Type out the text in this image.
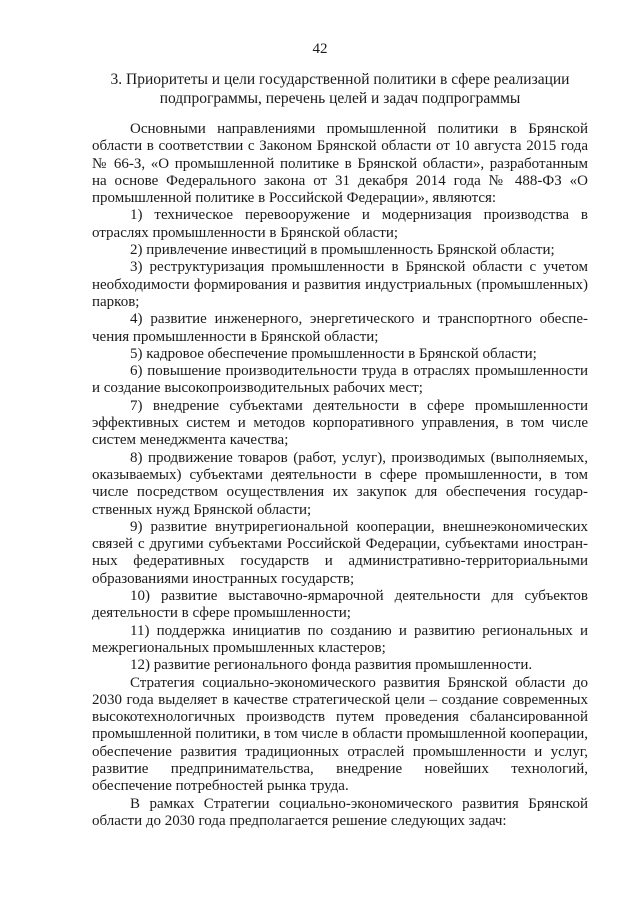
42
3. Приоритеты и цели государственной политики в сфере реализации
подпрограммы, перечень целей и задач подпрограммы

Основными направлениями промышленной политики в Брянской области в соответствии с Законом Брянской области от 10 августа 2015 года № 66-З, «О промышленной политике в Брянской области», разработанным на основе Федерального закона от 31 декабря 2014 года № 488-ФЗ «О промышленной политике в Российской Федерации», являются:

1) техническое перевооружение и модернизация производства в отраслях промышленности в Брянской области;

2) привлечение инвестиций в промышленность Брянской области;

3) реструктуризация промышленности в Брянской области с учетом необходимости формирования и развития индустриальных (промышленных) парков;

4) развитие инженерного, энергетического и транспортного обеспечения промышленности в Брянской области;

5) кадровое обеспечение промышленности в Брянской области;

6) повышение производительности труда в отраслях промышленности и создание высокопроизводительных рабочих мест;

7) внедрение субъектами деятельности в сфере промышленности эффективных систем и методов корпоративного управления, в том числе систем менеджмента качества;

8) продвижение товаров (работ, услуг), производимых (выполняемых, оказываемых) субъектами деятельности в сфере промышленности, в том числе посредством осуществления их закупок для обеспечения государственных нужд Брянской области;

9) развитие внутрирегиональной кооперации, внешнеэкономических связей с другими субъектами Российской Федерации, субъектами иностранных федеративных государств и административно-территориальными образованиями иностранных государств;

10) развитие выставочно-ярмарочной деятельности для субъектов деятельности в сфере промышленности;

11) поддержка инициатив по созданию и развитию региональных и межрегиональных промышленных кластеров;

12) развитие регионального фонда развития промышленности.

Стратегия социально-экономического развития Брянской области до 2030 года выделяет в качестве стратегической цели – создание современных высокотехнологичных производств путем проведения сбалансированной промышленной политики, в том числе в области промышленной кооперации, обеспечение развития традиционных отраслей промышленности и услуг, развитие предпринимательства, внедрение новейших технологий, обеспечение потребностей рынка труда.

В рамках Стратегии социально-экономического развития Брянской области до 2030 года предполагается решение следующих задач:
